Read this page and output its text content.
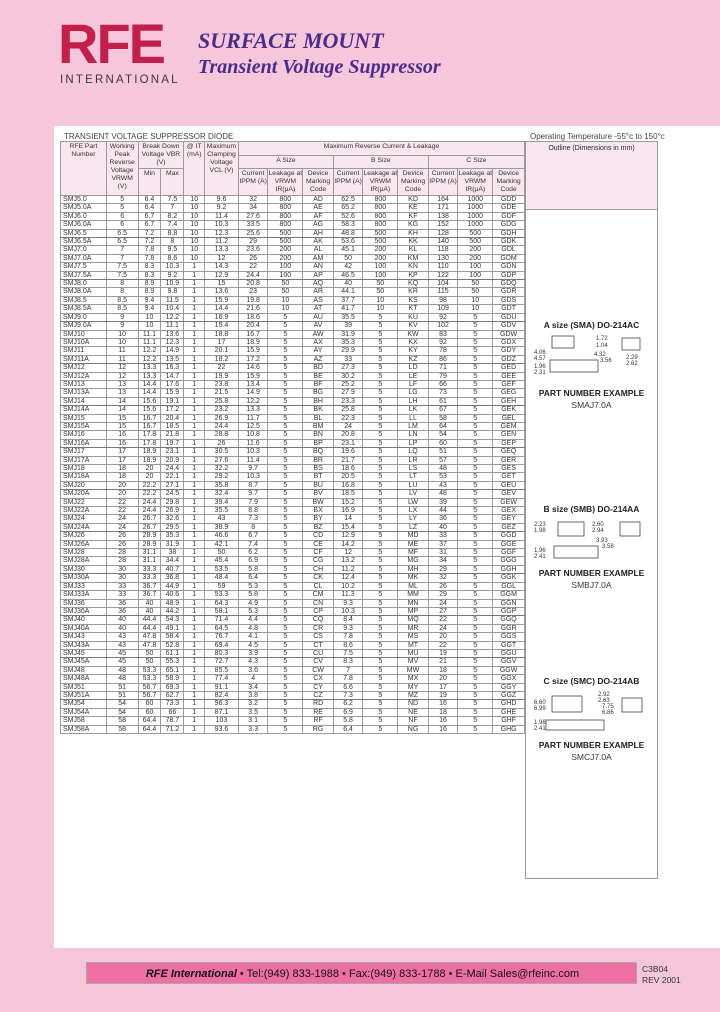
RFE
INTERNATIONAL
SURFACE MOUNT
Transient Voltage Suppressor
TRANSIENT VOLTAGE SUPPRESSOR DIODE	Operating Temperature -55°c to 150°c
RFE Part Number	Working Peak Reverse Voltage VRWM (V)	Break Down Voltage VBR (V)		@ IT (mA)	Maximum Clamping Voltage VCL (V)	Maximum Reverse Current & Leakage								
						A Size			B Size			C Size		
		Min	Max			Current IPPM (A)	Leakage at VRWM IR(μA)	Device Marking Code	Current IPPM (A)	Leakage at VRWM IR(μA)	Device Marking Code	Current IPPM (A)	Leakage at VRWM IR(μA)	Device Marking Code
SMJ5.0	5	6.4	7.5	10	9.6	32	800	AD	62.5	800	KD	164	1000	GDD
SMJ5.0A	5	6.4	7	10	9.2	34	800	AE	65.2	800	KE	171	1000	GDE
SMJ6.0	6	6.7	8.2	10	11.4	27.6	800	AF	52.6	800	KF	138	1000	GDF
SMJ6.0A	6	6.7	7.4	10	10.3	33.5	800	AG	58.3	800	KG	152	1000	GDG
SMJ6.5	6.5	7.2	8.8	10	12.3	25.6	500	AH	48.8	500	KH	128	500	GDH
SMJ6.5A	6.5	7.2	8	10	11.2	29	500	AK	53.6	500	KK	140	500	GDK
SMJ7.0	7	7.8	9.5	10	13.3	23.6	200	AL	45.1	200	KL	118	200	GDL
SMJ7.0A	7	7.8	8.6	10	12	26	200	AM	50	200	KM	130	200	GDM
SMJ7.5	7.5	8.3	10.3	1	14.3	22	100	AN	42	100	KN	110	100	GDN
SMJ7.5A	7.5	8.3	9.2	1	12.9	24.4	100	AP	46.5	100	KP	122	100	GDP
SMJ8.0	8	8.9	10.9	1	15	20.8	50	AQ	40	50	KQ	104	50	GDQ
SMJ8.0A	8	8.9	9.8	1	13.6	23	50	AR	44.1	50	KR	115	50	GDR
SMJ8.5	8.5	9.4	11.5	1	15.9	19.8	10	AS	37.7	10	KS	98	10	GDS
SMJ8.5A	8.5	9.4	10.4	1	14.4	21.6	10	AT	41.7	10	KT	109	10	GDT
SMJ9.0	9	10	12.2	1	16.9	18.6	5	AU	35.5	5	KU	92	5	GDU
SMJ9.0A	9	10	11.1	1	15.4	20.4	5	AV	39	5	KV	102	5	GDV
SMJ10	10	11.1	13.6	1	18.8	16.7	5	AW	31.9	5	KW	83	5	GDW
SMJ10A	10	11.1	12.3	1	17	18.9	5	AX	35.3	5	KX	92	5	GDX
SMJ11	11	12.2	14.9	1	20.1	15.9	5	AY	29.9	5	KY	78	5	GDY
SMJ11A	11	12.2	13.5	1	18.2	17.2	5	AZ	33	5	KZ	86	5	GDZ
SMJ12	12	13.3	16.3	1	22	14.6	5	BD	27.3	5	LD	71	5	GED
SMJ12A	12	13.3	14.7	1	19.9	15.9	5	BE	30.2	5	LE	79	5	GEE
SMJ13	13	14.4	17.6	1	23.8	13.4	5	BF	25.2	5	LF	66	5	GEF
SMJ13A	13	14.4	15.9	1	21.5	14.9	5	BG	27.9	5	LG	73	5	GEG
SMJ14	14	15.6	19.1	1	25.8	12.2	5	BH	23.3	5	LH	61	5	GEH
SMJ14A	14	15.6	17.2	1	23.2	13.3	5	BK	25.8	5	LK	67	5	GEK
SMJ15	15	16.7	20.4	1	26.9	11.7	5	BL	22.3	5	LL	58	5	GEL
SMJ15A	15	16.7	18.5	1	24.4	12.5	5	BM	24	5	LM	64	5	GEM
SMJ16	16	17.8	21.8	1	28.8	10.8	5	BN	20.8	5	LN	54	5	GEN
SMJ16A	16	17.8	19.7	1	26	11.6	5	BP	23.1	5	LP	60	5	GEP
SMJ17	17	18.9	23.1	1	30.5	10.3	5	BQ	19.6	5	LQ	51	5	GEQ
SMJ17A	17	18.9	20.9	1	27.6	11.4	5	BR	21.7	5	LR	57	5	GER
SMJ18	18	20	24.4	1	32.2	9.7	5	BS	18.6	5	LS	48	5	GES
SMJ18A	18	20	22.1	1	29.2	10.3	5	BT	20.5	5	LT	53	5	GET
SMJ20	20	22.2	27.1	1	35.8	8.7	5	BU	16.8	5	LU	43	5	GEU
SMJ20A	20	22.2	24.5	1	32.4	9.7	5	BV	18.5	5	LV	48	5	GEV
SMJ22	22	24.4	29.8	1	39.4	7.9	5	BW	15.2	5	LW	39	5	GEW
SMJ22A	22	24.4	26.9	1	35.5	8.8	5	BX	16.9	5	LX	44	5	GEX
SMJ24	24	26.7	32.6	1	43	7.3	5	BY	14	5	LY	36	5	GEY
SMJ24A	24	26.7	29.5	1	38.9	8	5	BZ	15.4	5	LZ	40	5	GEZ
SMJ26	26	28.9	35.3	1	46.6	6.7	5	CD	12.9	5	MD	33	5	GGD
SMJ26A	26	28.9	31.9	1	42.1	7.4	5	CE	14.2	5	ME	37	5	GGE
SMJ28	28	31.1	38	1	50	6.2	5	CF	12	5	MF	31	5	GGF
SMJ28A	28	31.1	34.4	1	45.4	6.9	5	CG	13.2	5	MG	34	5	GGG
SMJ30	30	33.3	40.7	1	53.5	5.8	5	CH	11.2	5	MH	29	5	GGH
SMJ30A	30	33.3	36.8	1	48.4	6.4	5	CK	12.4	5	MK	32	5	GGK
SMJ33	33	36.7	44.9	1	59	5.3	5	CL	10.2	5	ML	26	5	GGL
SMJ33A	33	36.7	40.6	1	53.3	5.8	5	CM	11.3	5	MM	29	5	GGM
SMJ36	36	40	48.9	1	64.3	4.9	5	CN	9.3	5	MN	24	5	GGN
SMJ36A	36	40	44.2	1	58.1	5.3	5	CP	10.3	5	MP	27	5	GGP
SMJ40	40	44.4	54.3	1	71.4	4.4	5	CQ	8.4	5	MQ	22	5	GGQ
SMJ40A	40	44.4	49.1	1	64.5	4.8	5	CR	9.3	5	MR	24	5	GGR
SMJ43	43	47.8	58.4	1	76.7	4.1	5	CS	7.8	5	MS	20	5	GGS
SMJ43A	43	47.8	52.8	1	69.4	4.5	5	CT	8.6	5	MT	22	5	GGT
SMJ45	45	50	61.1	1	80.3	3.9	5	CU	7.5	5	MU	19	5	GGU
SMJ45A	45	50	55.3	1	72.7	4.3	5	CV	8.3	5	MV	21	5	GGV
SMJ48	48	53.3	65.1	1	85.5	3.6	5	CW	7	5	MW	18	5	GGW
SMJ48A	48	53.3	58.9	1	77.4	4	5	CX	7.8	5	MX	20	5	GGX
SMJ51	51	56.7	69.3	1	91.1	3.4	5	CY	6.6	5	MY	17	5	GGY
SMJ51A	51	56.7	62.7	1	82.4	3.8	5	CZ	7.3	5	MZ	19	5	GGZ
SMJ54	54	60	73.3	1	96.3	3.2	5	RD	6.2	5	ND	16	5	GHD
SMJ54A	54	60	66	1	87.1	3.5	5	RE	6.9	5	NE	18	5	GHE
SMJ58	58	64.4	78.7	1	103	3.1	5	RF	5.8	5	NF	16	5	GHF
SMJ58A	58	64.4	71.2	1	93.6	3.3	5	RG	6.4	5	NG	16	5	GHG
Outline (Dimensions in mm)
A size (SMA) DO-214AC
1.72
1.04
2.29
2.62
4.06
4.57
4.32
3.56
1.96
2.31
PART NUMBER EXAMPLE
SMAJ7.0A
B size (SMB) DO-214AA
2.23
1.98
2.60
2.94
3.93
3.58
1.96
2.41
PART NUMBER EXAMPLE
SMBJ7.0A
C size (SMC) DO-214AB
2.92
2.63
7.75
6.86
6.60
6.99
1.96
2.41
PART NUMBER EXAMPLE
SMCJ7.0A
RFE International • Tel:(949) 833-1988 • Fax:(949) 833-1788 • E-Mail Sales@rfeinc.com	C3B04
REV 2001
